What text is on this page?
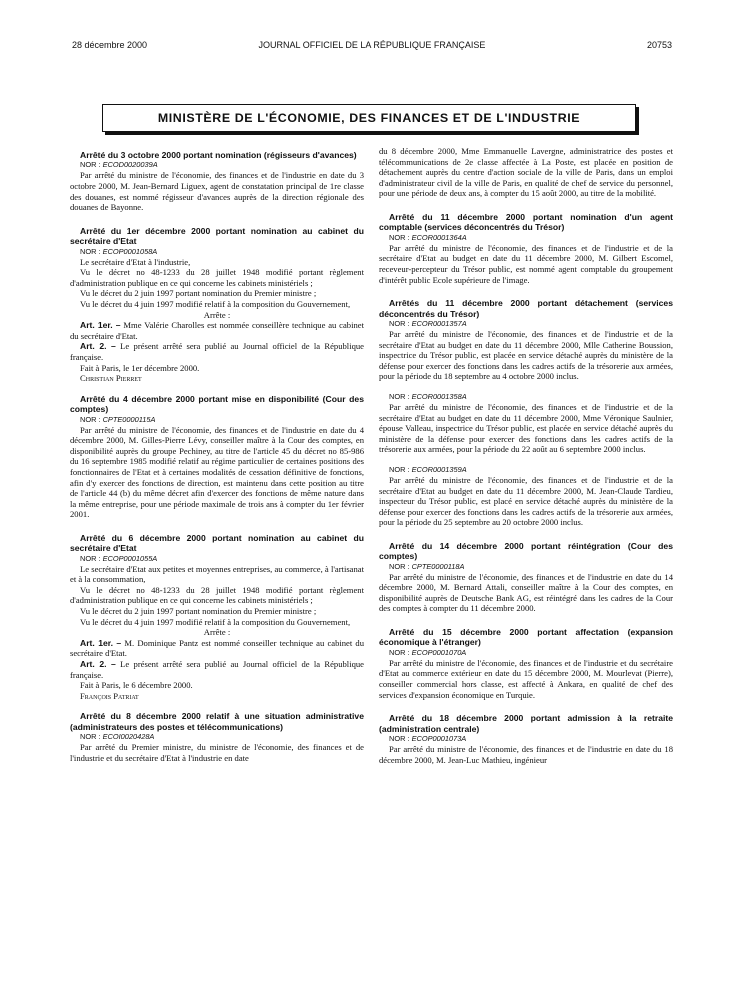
28 décembre 2000	JOURNAL OFFICIEL DE LA RÉPUBLIQUE FRANÇAISE	20753
MINISTÈRE DE L'ÉCONOMIE, DES FINANCES ET DE L'INDUSTRIE

Arrêté du 3 octobre 2000 portant nomination (régisseurs d'avances)

NOR : ECOD0020039A

Par arrêté du ministre de l'économie, des finances et de l'industrie en date du 3 octobre 2000, M. Jean-Bernard Liguex, agent de constatation principal de 1re classe des douanes, est nommé régisseur d'avances auprès de la direction régionale des douanes de Bayonne.

Arrêté du 1er décembre 2000 portant nomination au cabinet du secrétaire d'Etat

NOR : ECOP0001058A

Le secrétaire d'Etat à l'industrie,

Vu le décret no 48-1233 du 28 juillet 1948 modifié portant règlement d'administration publique en ce qui concerne les cabinets ministériels ;

Vu le décret du 2 juin 1997 portant nomination du Premier ministre ;

Vu le décret du 4 juin 1997 modifié relatif à la composition du Gouvernement,

Arrête :

Art. 1er. – Mme Valérie Charolles est nommée conseillère technique au cabinet du secrétaire d'Etat.

Art. 2. – Le présent arrêté sera publié au Journal officiel de la République française.

Fait à Paris, le 1er décembre 2000.

Christian Pierret

Arrêté du 4 décembre 2000 portant mise en disponibilité (Cour des comptes)

NOR : CPTE0000115A

Par arrêté du ministre de l'économie, des finances et de l'industrie en date du 4 décembre 2000, M. Gilles-Pierre Lévy, conseiller maître à la Cour des comptes, en disponibilité auprès du groupe Pechiney, au titre de l'article 45 du décret no 85-986 du 16 septembre 1985 modifié relatif au régime particulier de certaines positions des fonctionnaires de l'Etat et à certaines modalités de cessation définitive de fonctions, afin d'y exercer des fonctions de direction, est maintenu dans cette position au titre de l'article 44 (b) du même décret afin d'exercer des fonctions de même nature dans la même entreprise, pour une période maximale de trois ans à compter du 1er février 2001.

Arrêté du 6 décembre 2000 portant nomination au cabinet du secrétaire d'Etat

NOR : ECOP0001055A

Le secrétaire d'Etat aux petites et moyennes entreprises, au commerce, à l'artisanat et à la consommation,

Vu le décret no 48-1233 du 28 juillet 1948 modifié portant règlement d'administration publique en ce qui concerne les cabinets ministériels ;

Vu le décret du 2 juin 1997 portant nomination du Premier ministre ;

Vu le décret du 4 juin 1997 modifié relatif à la composition du Gouvernement,

Arrête :

Art. 1er. – M. Dominique Pantz est nommé conseiller technique au cabinet du secrétaire d'Etat.

Art. 2. – Le présent arrêté sera publié au Journal officiel de la République française.

Fait à Paris, le 6 décembre 2000.

François Patriat

Arrêté du 8 décembre 2000 relatif à une situation administrative (administrateurs des postes et télécommunications)

NOR : ECOI0020428A

Par arrêté du Premier ministre, du ministre de l'économie, des finances et de l'industrie et du secrétaire d'Etat à l'industrie en date

du 8 décembre 2000, Mme Emmanuelle Lavergne, administratrice des postes et télécommunications de 2e classe affectée à La Poste, est placée en position de détachement auprès du centre d'action sociale de la ville de Paris, dans un emploi d'administrateur civil de la ville de Paris, en qualité de chef de service du personnel, pour une période de deux ans, à compter du 15 août 2000, au titre de la mobilité.

Arrêté du 11 décembre 2000 portant nomination d'un agent comptable (services déconcentrés du Trésor)

NOR : ECOR0001364A

Par arrêté du ministre de l'économie, des finances et de l'industrie et de la secrétaire d'Etat au budget en date du 11 décembre 2000, M. Gilbert Escomel, receveur-percepteur du Trésor public, est nommé agent comptable du groupement d'intérêt public Ecole supérieure de l'image.

Arrêtés du 11 décembre 2000 portant détachement (services déconcentrés du Trésor)

NOR : ECOR0001357A

Par arrêté du ministre de l'économie, des finances et de l'industrie et de la secrétaire d'Etat au budget en date du 11 décembre 2000, Mlle Catherine Boussion, inspectrice du Trésor public, est placée en service détaché auprès du ministère de la défense pour exercer des fonctions dans les cadres actifs de la trésorerie aux armées, pour la période du 18 septembre au 4 octobre 2000 inclus.

NOR : ECOR0001358A

Par arrêté du ministre de l'économie, des finances et de l'industrie et de la secrétaire d'Etat au budget en date du 11 décembre 2000, Mme Véronique Saulnier, épouse Valleau, inspectrice du Trésor public, est placée en service détaché auprès du ministère de la défense pour exercer des fonctions dans les cadres actifs de la trésorerie aux armées, pour la période du 22 août au 6 septembre 2000 inclus.

NOR : ECOR0001359A

Par arrêté du ministre de l'économie, des finances et de l'industrie et de la secrétaire d'Etat au budget en date du 11 décembre 2000, M. Jean-Claude Tardieu, inspecteur du Trésor public, est placé en service détaché auprès du ministère de la défense pour exercer des fonctions dans les cadres actifs de la trésorerie aux armées, pour la période du 25 septembre au 20 octobre 2000 inclus.

Arrêté du 14 décembre 2000 portant réintégration (Cour des comptes)

NOR : CPTE0000118A

Par arrêté du ministre de l'économie, des finances et de l'industrie en date du 14 décembre 2000, M. Bernard Attali, conseiller maître à la Cour des comptes, en disponibilité auprès de Deutsche Bank AG, est réintégré dans les cadres de la Cour des comptes à compter du 11 décembre 2000.

Arrêté du 15 décembre 2000 portant affectation (expansion économique à l'étranger)

NOR : ECOP0001070A

Par arrêté du ministre de l'économie, des finances et de l'industrie et du secrétaire d'Etat au commerce extérieur en date du 15 décembre 2000, M. Mourlevat (Pierre), conseiller commercial hors classe, est affecté à Ankara, en qualité de chef des services d'expansion économique en Turquie.

Arrêté du 18 décembre 2000 portant admission à la retraite (administration centrale)

NOR : ECOP0001073A

Par arrêté du ministre de l'économie, des finances et de l'industrie en date du 18 décembre 2000, M. Jean-Luc Mathieu, ingénieur
